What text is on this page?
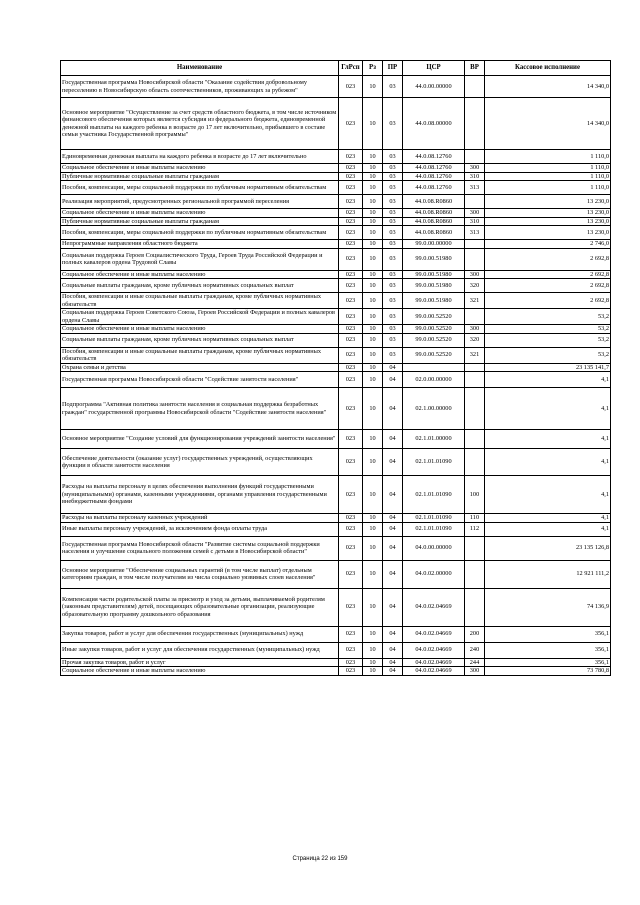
Наименование	ГлРсп	Рз	ПР	ЦСР	ВР	Кассовое исполнение
Государственная программа Новосибирской области "Оказание содействия добровольному переселению в Новосибирскую область соотечественников, проживающих за рубежом"	023	10	03	44.0.00.00000		14 340,0
Основное мероприятие "Осуществление за счет средств областного бюджета, в том числе источником финансового обеспечения которых является субсидия из федерального бюджета, единовременной денежной выплаты на каждого ребенка в возрасте до 17 лет включительно, прибывшего в составе семьи участника Государственной программы"	023	10	03	44.0.08.00000		14 340,0
Единовременная денежная выплата на каждого ребенка в возрасте до 17 лет включительно	023	10	03	44.0.08.12760		1 110,0
Социальное обеспечение и иные выплаты населению	023	10	03	44.0.08.12760	300	1 110,0
Публичные нормативные социальные выплаты гражданам	023	10	03	44.0.08.12760	310	1 110,0
Пособия, компенсации, меры социальной поддержки по публичным нормативным обязательствам	023	10	03	44.0.08.12760	313	1 110,0
Реализация мероприятий, предусмотренных региональной программой переселения	023	10	03	44.0.08.R0860		13 230,0
Социальное обеспечение и иные выплаты населению	023	10	03	44.0.08.R0860	300	13 230,0
Публичные нормативные социальные выплаты гражданам	023	10	03	44.0.08.R0860	310	13 230,0
Пособия, компенсации, меры социальной поддержки по публичным нормативным обязательствам	023	10	03	44.0.08.R0860	313	13 230,0
Непрограммные направления областного бюджета	023	10	03	99.0.00.00000		2 746,0
Социальная поддержка Героев Социалистического Труда, Героев Труда Российской Федерации и полных кавалеров ордена Трудовой Славы	023	10	03	99.0.00.51980		2 692,8
Социальное обеспечение и иные выплаты населению	023	10	03	99.0.00.51980	300	2 692,8
Социальные выплаты гражданам, кроме публичных нормативных социальных выплат	023	10	03	99.0.00.51980	320	2 692,8
Пособия, компенсации и иные социальные выплаты гражданам, кроме публичных нормативных обязательств	023	10	03	99.0.00.51980	321	2 692,8
Социальная поддержка Героев Советского Союза, Героев Российской Федерации и полных кавалеров ордена Славы	023	10	03	99.0.00.52520		53,2
Социальное обеспечение и иные выплаты населению	023	10	03	99.0.00.52520	300	53,2
Социальные выплаты гражданам, кроме публичных нормативных социальных выплат	023	10	03	99.0.00.52520	320	53,2
Пособия, компенсации и иные социальные выплаты гражданам, кроме публичных нормативных обязательств	023	10	03	99.0.00.52520	321	53,2
Охрана семьи и детства	023	10	04			23 135 141,7
Государственная программа Новосибирской области "Содействие занятости населения"	023	10	04	02.0.00.00000		4,1
Подпрограмма "Активная политика занятости населения и социальная поддержка безработных граждан" государственной программы Новосибирской области "Содействие занятости населения"	023	10	04	02.1.00.00000		4,1
Основное мероприятие "Создание условий для функционирования учреждений занятости населения"	023	10	04	02.1.01.00000		4,1
Обеспечение деятельности (оказание услуг) государственных учреждений, осуществляющих функции в области занятости населения	023	10	04	02.1.01.01090		4,1
Расходы на выплаты персоналу в целях обеспечения выполнения функций государственными (муниципальными) органами, казенными учреждениями, органами управления государственными внебюджетными фондами	023	10	04	02.1.01.01090	100	4,1
Расходы на выплаты персоналу казенных учреждений	023	10	04	02.1.01.01090	110	4,1
Иные выплаты персоналу учреждений, за исключением фонда оплаты труда	023	10	04	02.1.01.01090	112	4,1
Государственная программа Новосибирской области "Развитие системы социальной поддержки населения и улучшение социального положения семей с детьми в Новосибирской области"	023	10	04	04.0.00.00000		23 135 126,8
Основное мероприятие "Обеспечение социальных гарантий (в том числе выплат) отдельным категориям граждан, в том числе получателям из числа социально уязвимых слоев населения"	023	10	04	04.0.02.00000		12 921 111,2
Компенсация части родительской платы за присмотр и уход за детьми, выплачиваемой родителям (законным представителям) детей, посещающих образовательные организации, реализующие образовательную программу дошкольного образования	023	10	04	04.0.02.04669		74 136,9
Закупка товаров, работ и услуг для обеспечения государственных (муниципальных) нужд	023	10	04	04.0.02.04669	200	356,1
Иные закупки товаров, работ и услуг для обеспечения государственных (муниципальных) нужд	023	10	04	04.0.02.04669	240	356,1
Прочая закупка товаров, работ и услуг	023	10	04	04.0.02.04669	244	356,1
Социальное обеспечение и иные выплаты населению	023	10	04	04.0.02.04669	300	73 780,8
Страница 22 из 159
